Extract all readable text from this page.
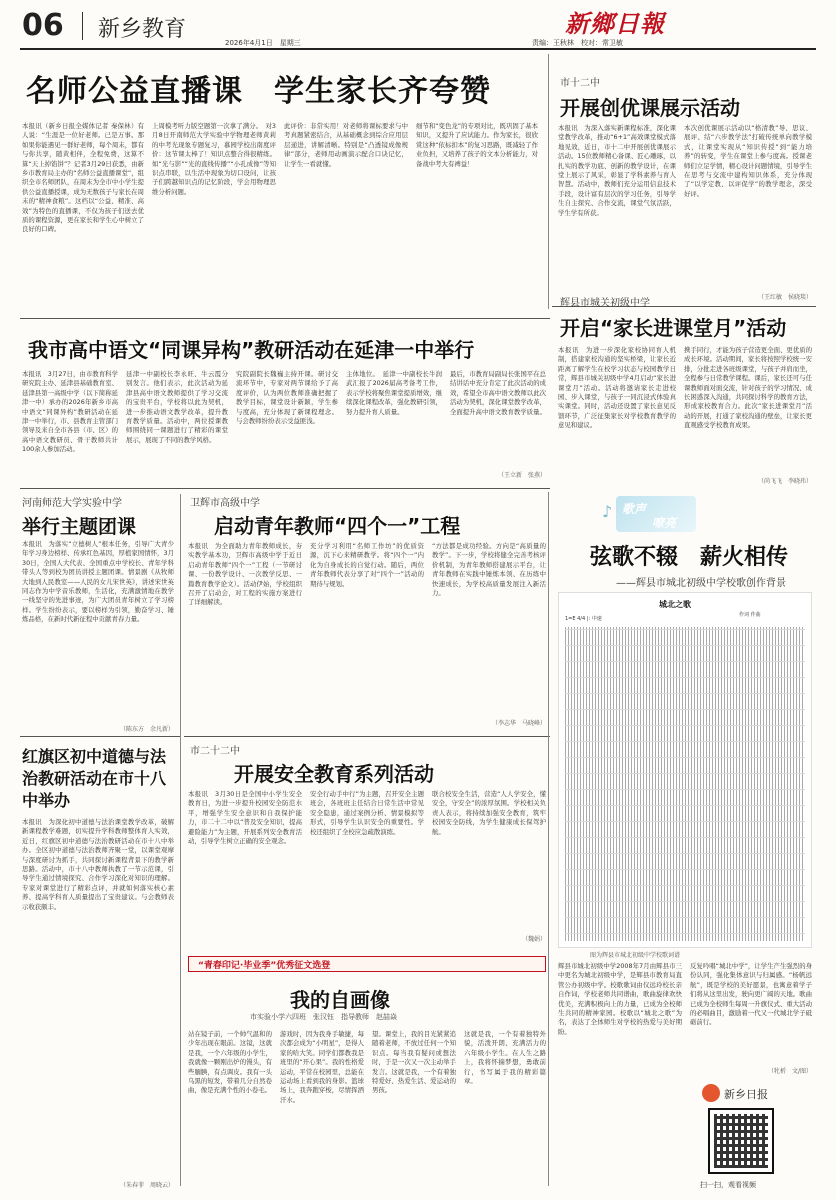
06 新乡教育
2026年4月1日　星期三
新鄉日報
责编：王秋林　校对：常卫敏
名师公益直播课　学生家长齐夸赞
本报讯（新乡日报全媒体记者 秦保林）有人说：“生涯是一位好老师。已是万事。那如果你能遇见一群好老师，每个周末，都有与你共享，随黄相伴，全程免费，这算不算“天上掉馅饼”？记者3月29日获悉，由新乡市教育局主办的“名师公益直播课堂”，组织全市名师团队，在周末为全市中小学生提供公益直播授课，成为无数孩子与家长在周末的“精神食粮”。这档以“公益、精准、高效”为特色的直播课，不仅为孩子们送去优质的课程资源，更在家长和学生心中树立了良好的口碑。
上周模考听力版空题第一次拿了满分。　对3月8日开南师范大学实验中学物理老师黄莉的中考光现象专题复习，慕园学校出南度评价：这节课太棒了！知识点整合得很精练。如“光与影”“光的直线传播”“小孔成像”等知识点串联，以生活中现象为切口设问，让孩子们跨越知识点的记忆阶段，学会用物理思维分析问题。
此评价：非常实用！对老师将课标要求与中考真题紧密结合，从基础概念到综合应用层层递进，讲解清晰。特别是“凸透镜成像规律”部分，老师用动画演示配合口诀记忆，让学生一看就懂。
细节和“变色龙”的专项对比，既巩固了基本知识，又提升了应试能力。作为家长，很欣赏这种“依标扣本”的复习思路，既减轻了作业负担，又培养了孩子的文本分析能力，对备战中考大有裨益！
市十二中
开展创优课展示活动
本报讯　为深入落实新课程标准，深化课堂教学改革，推动“6+1”高效课堂模式落地见效，近日，市十二中开展创优课展示活动。15位教师精心备课、匠心雕琢，以扎实的教学功底、创新的教学设计，在课堂上展示了风采，彰显了学科素养与育人智慧。活动中，教师们充分运用信息技术手段，设计富有层次的学习任务，引导学生自主探究、合作交流，课堂气氛活跃，学生学有所获。
本次创优课展示活动以“格清教”导、思议、展评、结“六步教学法”打破传统单向教学模式，让课堂实现从“知识传授”到“能力培养”的转变，学生在课堂上参与度高。授课老师们立足学情，精心设计问题情境，引导学生在思考与交流中建构知识体系，充分体现了“以学定教、以评促学”的教学理念，深受好评。
（王红敏　侯晓琰）
辉县市城关初级中学
开启“家长进课堂月”活动
本报讯　为进一步深化家校协同育人机制，搭建家校沟通的坚实桥梁，让家长近距离了解学生在校学习状态与校园教学日常，辉县市城关初级中学4月启动“家长进课堂月”活动。活动将邀请家长走进校园、步入课堂，与孩子一同沉浸式体验真实课堂。同时，活动还设置了家长意见反馈环节，广泛征集家长对学校教育教学的意见和建议。
携手同行，才能为孩子营造更全面、更优质的成长环境。活动期间，家长将按照学校统一安排，分批走进各班级课堂，与孩子并肩而坐，全程参与日常教学课程。课后，家长还可与任课教师面对面交流，针对孩子的学习情况、成长困惑深入沟通，共同探讨科学的教育方法，形成家校教育合力。此次“家长进课堂月”活动的开展，打通了家校沟通的壁垒，让家长更直观感受学校教育成果。
（尚飞飞　李晓玮）
我市高中语文“同课异构”教研活动在延津一中举行
本报讯　3月27日，由市教育科学研究院主办、延津县基础教育室、延津县第一高级中学（以下简称延津一中）承办的2026年新乡市高中语文“同课异构”教研活动在延津一中举行，市、县教育主管部门领导及来自全市各县（市、区）的高中语文教研员、骨干教师共计100余人参加活动。
延津一中副校长李永旺、牛云霞分别发言。他们表示，此次活动为延津县高中语文教师提供了学习交流的宝贵平台，学校将以此为契机，进一步推动语文教学改革，提升教育教学质量。活动中，两位授课教师围绕同一课题进行了精彩的课堂展示，展现了不同的教学风格。
究院副院长魏巍主持开课。研讨交流环节中，专家对两节课给予了高度评价，认为两位教师准确把握了教学目标，课堂设计新颖，学生参与度高，充分体现了新课程理念。与会教师纷纷表示受益匪浅。
主体地位。　延津一中副校长牛润武汇报了2026届高考备考工作，表示学校将聚焦课堂提质增效，继续深化课程改革，强化教研引领，努力提升育人质量。
最后，市教育局副局长张国平在总结讲话中充分肯定了此次活动的成效，希望全市高中语文教师以此次活动为契机，深化课堂教学改革，全面提升高中语文教育教学质量。
（王立新　张燕）
河南师范大学实验中学
举行主题团课
本报讯　为落实“立德树人”根本任务，引导广大青少年学习身边榜样、传承红色基因，厚植家国情怀，3月30日，全国人大代表、全国重点中学校长、青年学科带头人等到校为团员讲授主题团课。情景剧《从牧师大地到人民教室——人民的女儿宋世英》，讲述宋世英同志作为中学音乐教师，生活化，充满激情地在教学一线坚守的先进事迹，为广大团员青年树立了学习榜样。学生纷纷表示，要以榜样为引领，勤奋学习、锤炼品格，在新时代新征程中贡献青春力量。
（陈东方　余凡新）
卫辉市高级中学
启动青年教师“四个一”工程
本报讯　为全面助力青年教师成长，夯实教学基本功，卫辉市高级中学于近日启动青年教师“四个一”工程（一节研讨课、一份教学设计、一次教学反思、一篇教育教学论文）。活动伊始，学校组织召开了启动会，对工程的实施方案进行了详细解读。
充分学习利用“名师工作坊”的优质资源，沉下心来精研教学。将“四个一”内化为自身成长的自觉行动。随后，两位青年教师代表分享了对“四个一”活动的期待与规划。
“方法都是成功经验。方向是“高质量的教学”。下一步，学校将健全完善考核评价机制，为青年教师搭建展示平台，让青年教师在实践中锤炼本领、在历练中快速成长，为学校高质量发展注入新活力。
（李志华　马晓峰）
市二十二中
开展安全教育系列活动
本报讯　3月30日是全国中小学生安全教育日，为进一步提升校园安全防范水平，增强学生安全意识和自我保护能力，市二十二中以“普及安全知识，提高避险能力”为主题，开展系列安全教育活动，引导学生树立正确的安全观念。
安全行动手中行”为主题，召开安全主题班会，各班班主任结合日常生活中常见安全隐患，通过案例分析、情景模拟等形式，引导学生认识安全的重要性。学校还组织了全校应急疏散演练。
联合校安全生活，营造“人人学安全，懂安全，守安全”的浓厚氛围。学校相关负责人表示，将持续加强安全教育，筑牢校园安全防线，为学生健康成长保驾护航。
（魏娟）
红旗区初中道德与法治教研活动在市十八中举办
本报讯　为深化初中道德与法治课堂教学改革，破解新课程教学难题，切实提升学科教师整体育人实效，近日，红旗区初中道德与法治教研活动在市十八中举办。全区初中道德与法治教师齐聚一堂，以课堂观摩与深度研讨为抓手，共同探讨新课程背景下的教学新思路。活动中，市十八中教师执教了一节示范课，引导学生通过情境探究、合作学习深化对知识的理解。专家对课堂进行了精彩点评，并就如何落实核心素养、提高学科育人质量提出了宝贵建议。与会教师表示收获颇丰。
（朱春菲　周晓云）
“青春印记·毕业季”优秀征文选登
我的自画像
市实验小学六四班　张汉钰　指导教师　赵喆焱
站在镜子前，一个帅气温和的少年出现在眼前。这镜，这就是我，一个六年级的小学生，我就像一颗刚出炉的馒头，有些腼腆，有点调皮。我有一头乌黑的短发，带着几分自然卷曲，像是充满个性的小卷毛。
游戏时，因为我身手敏捷，每次都会成为“小明星”，是得人家的哈大笑。同学们都教我是班里的“开心果”。我的性格爱运动，平常在校园里，总能在运动场上看到我的身影。篮球场上，我奔跑穿梭，尽情挥洒汗水。
望。课堂上，我的目光紧紧追随着老师，不放过任何一个知识点。每当我有疑问或想法时，于是一次又一次主动举手发言。这就是我，一个有着独特爱好、热爱生活、爱运动的男孩。
这就是我，一个有着独特外貌，活泼开朗、充满活力的六年级小学生。在人生之路上，我将怀揣梦想，勇敢前行，书写属于我的精彩篇章。
歌声
嘹亮
♪
弦歌不辍　薪火相传
——辉县市城北初级中学校歌创作背景
城北之歌
1=E 4/4 |: 中速
作词 作曲
图为辉县市城北初级中学校歌词谱
辉县市城北初级中学2008年7月由辉县市三中更名为城北初级中学，是辉县市教育局直管公办初级中学。校歌歌词由仪远玲校长亲自作词，学校老师共同谱曲，歌曲旋律欢快优美，充满积极向上的力量，已成为全校师生共同的精神家园。校歌以“城北之歌”为名，表达了全体师生对学校的热爱与美好期盼。
反复吟唱“城北中学”，让学生产生强烈的身份认同，强化集体意识与归属感。“杨帆远航”，既是学校的美好愿景，也寓意着学子们将从这里出发，驶向更广阔的天地。歌曲已成为全校师生每周一升旗仪式、重大活动的必唱曲目，激励着一代又一代城北学子砥砺前行。
（牝析　文/图）
新乡日报
扫一扫，观看视频
